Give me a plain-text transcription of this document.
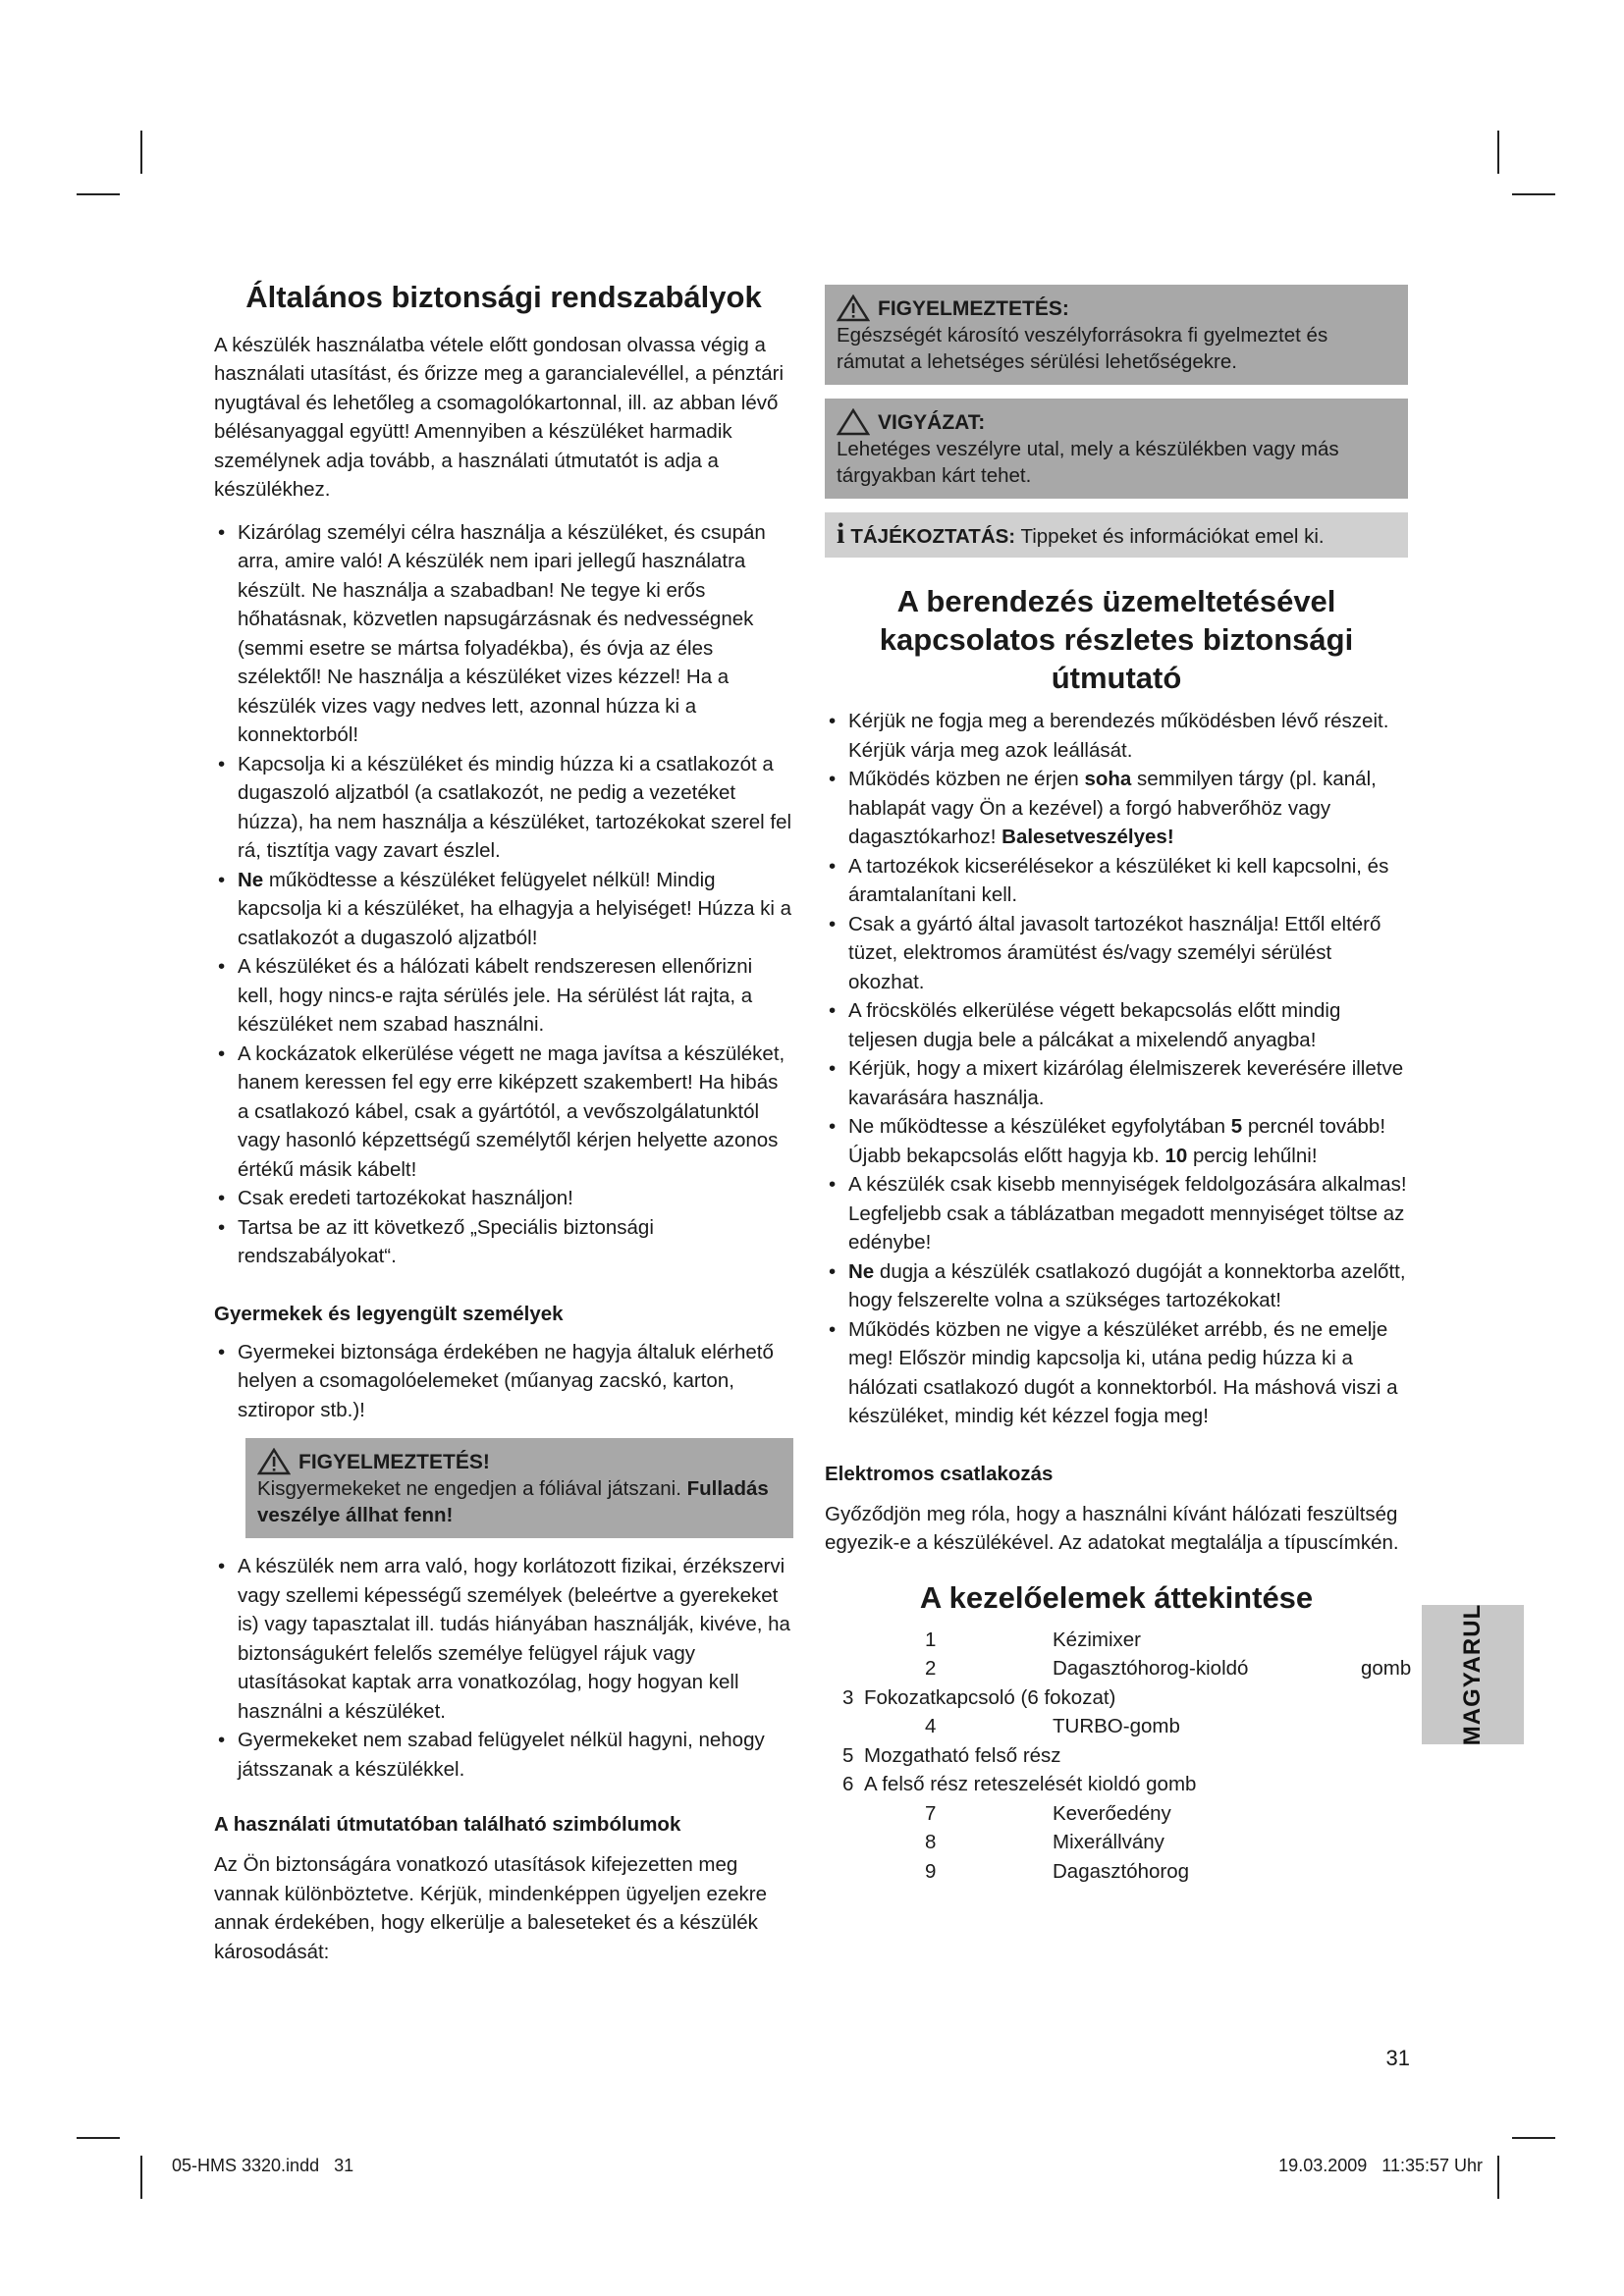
Általános biztonsági rendszabályok

A készülék használatba vétele előtt gondosan olvassa végig a használati utasítást, és őrizze meg a garancialevéllel, a pénztári nyugtával és lehetőleg a csomagolókartonnal, ill. az abban lévő bélésanyaggal együtt! Amennyiben a készüléket harmadik személynek adja tovább, a használati útmutatót is adja a készülékhez.

• Kizárólag személyi célra használja a készüléket, és csupán arra, amire való! A készülék nem ipari jellegű használatra készült. Ne használja a szabadban! Ne tegye ki erős hőhatásnak, közvetlen napsugárzásnak és nedvességnek (semmi esetre se mártsa folyadékba), és óvja az éles szélektől! Ne használja a készüléket vizes kézzel! Ha a készülék vizes vagy nedves lett, azonnal húzza ki a konnektorból!
• Kapcsolja ki a készüléket és mindig húzza ki a csatlakozót a dugaszoló aljzatból (a csatlakozót, ne pedig a vezetéket húzza), ha nem használja a készüléket, tartozékokat szerel fel rá, tisztítja vagy zavart észlel.
• Ne működtesse a készüléket felügyelet nélkül! Mindig kapcsolja ki a készüléket, ha elhagyja a helyiséget! Húzza ki a csatlakozót a dugaszoló aljzatból!
• A készüléket és a hálózati kábelt rendszeresen ellenőrizni kell, hogy nincs-e rajta sérülés jele. Ha sérülést lát rajta, a készüléket nem szabad használni.
• A kockázatok elkerülése végett ne maga javítsa a készüléket, hanem keressen fel egy erre kiképzett szakembert! Ha hibás a csatlakozó kábel, csak a gyártótól, a vevőszolgálatunktól vagy hasonló képzettségű személytől kérjen helyette azonos értékű másik kábelt!
• Csak eredeti tartozékokat használjon!
• Tartsa be az itt következő „Speciális biztonsági rendszabályokat“.
Gyermekek és legyengült személyek
• Gyermekei biztonsága érdekében ne hagyja általuk elérhető helyen a csomagolóelemeket (műanyag zacskó, karton, sztiropor stb.)!
FIGYELMEZTETÉS!

Kisgyermekeket ne engedjen a fóliával játszani. Fulladás veszélye állhat fenn!

• A készülék nem arra való, hogy korlátozott fizikai, érzékszervi vagy szellemi képességű személyek (beleértve a gyerekeket is) vagy tapasztalat ill. tudás hiányában használják, kivéve, ha biztonságukért felelős személye felügyel rájuk vagy utasításokat kaptak arra vonatkozólag, hogy hogyan kell használni a készüléket.
• Gyermekeket nem szabad felügyelet nélkül hagyni, nehogy játsszanak a készülékkel.
A használati útmutatóban található szimbólumok

Az Ön biztonságára vonatkozó utasítások kifejezetten meg vannak különböztetve. Kérjük, mindenképpen ügyeljen ezekre annak érdekében, hogy elkerülje a baleseteket és a készülék károsodását:

FIGYELMEZTETÉS:

Egészségét károsító veszélyforrásokra fi gyelmeztet és rámutat a lehetséges sérülési lehetőségekre.

VIGYÁZAT:

Lehetéges veszélyre utal, mely a készülékben vagy más tárgyakban kárt tehet.

i TÁJÉKOZTATÁS: Tippeket és információkat emel ki.
A berendezés üzemeltetésével kapcsolatos részletes biztonsági útmutató
• Kérjük ne fogja meg a berendezés működésben lévő részeit. Kérjük várja meg azok leállását.
• Működés közben ne érjen soha semmilyen tárgy (pl. kanál, hablapát vagy Ön a kezével) a forgó habverőhöz vagy dagasztókarhoz! Balesetveszélyes!
• A tartozékok kicserélésekor a készüléket ki kell kapcsolni, és áramtalanítani kell.
• Csak a gyártó által javasolt tartozékot használja! Ettől eltérő tüzet, elektromos áramütést és/vagy személyi sérülést okozhat.
• A fröcskölés elkerülése végett bekapcsolás előtt mindig teljesen dugja bele a pálcákat a mixelendő anyagba!
• Kérjük, hogy a mixert kizárólag élelmiszerek keverésére illetve kavarására használja.
• Ne működtesse a készüléket egyfolytában 5 percnél tovább! Újabb bekapcsolás előtt hagyja kb. 10 percig lehűlni!
• A készülék csak kisebb mennyiségek feldolgozására alkalmas! Legfeljebb csak a táblázatban megadott mennyiséget töltse az edénybe!
• Ne dugja a készülék csatlakozó dugóját a konnektorba azelőtt, hogy felszerelte volna a szükséges tartozékokat!
• Működés közben ne vigye a készüléket arrébb, és ne emelje meg! Először mindig kapcsolja ki, utána pedig húzza ki a hálózati csatlakozó dugót a konnektorból. Ha máshová viszi a készüléket, mindig két kézzel fogja meg!
Elektromos csatlakozás

Győződjön meg róla, hogy a használni kívánt hálózati feszültség egyezik-e a készülékével. Az adatokat megtalálja a típuscímkén.

A kezelőelemek áttekintése
1	Kézimixer
2	Dagasztóhorog-kioldó	gomb
3 Fokozatkapcsoló (6 fokozat)
4	TURBO-gomb
5 Mozgatható felső rész
6 A felső rész reteszelését kioldó gomb
7	Keverőedény
8	Mixerállvány
9	Dagasztóhorog
MAGYARUL
31
05-HMS 3320.indd   31	19.03.2009   11:35:57 Uhr
